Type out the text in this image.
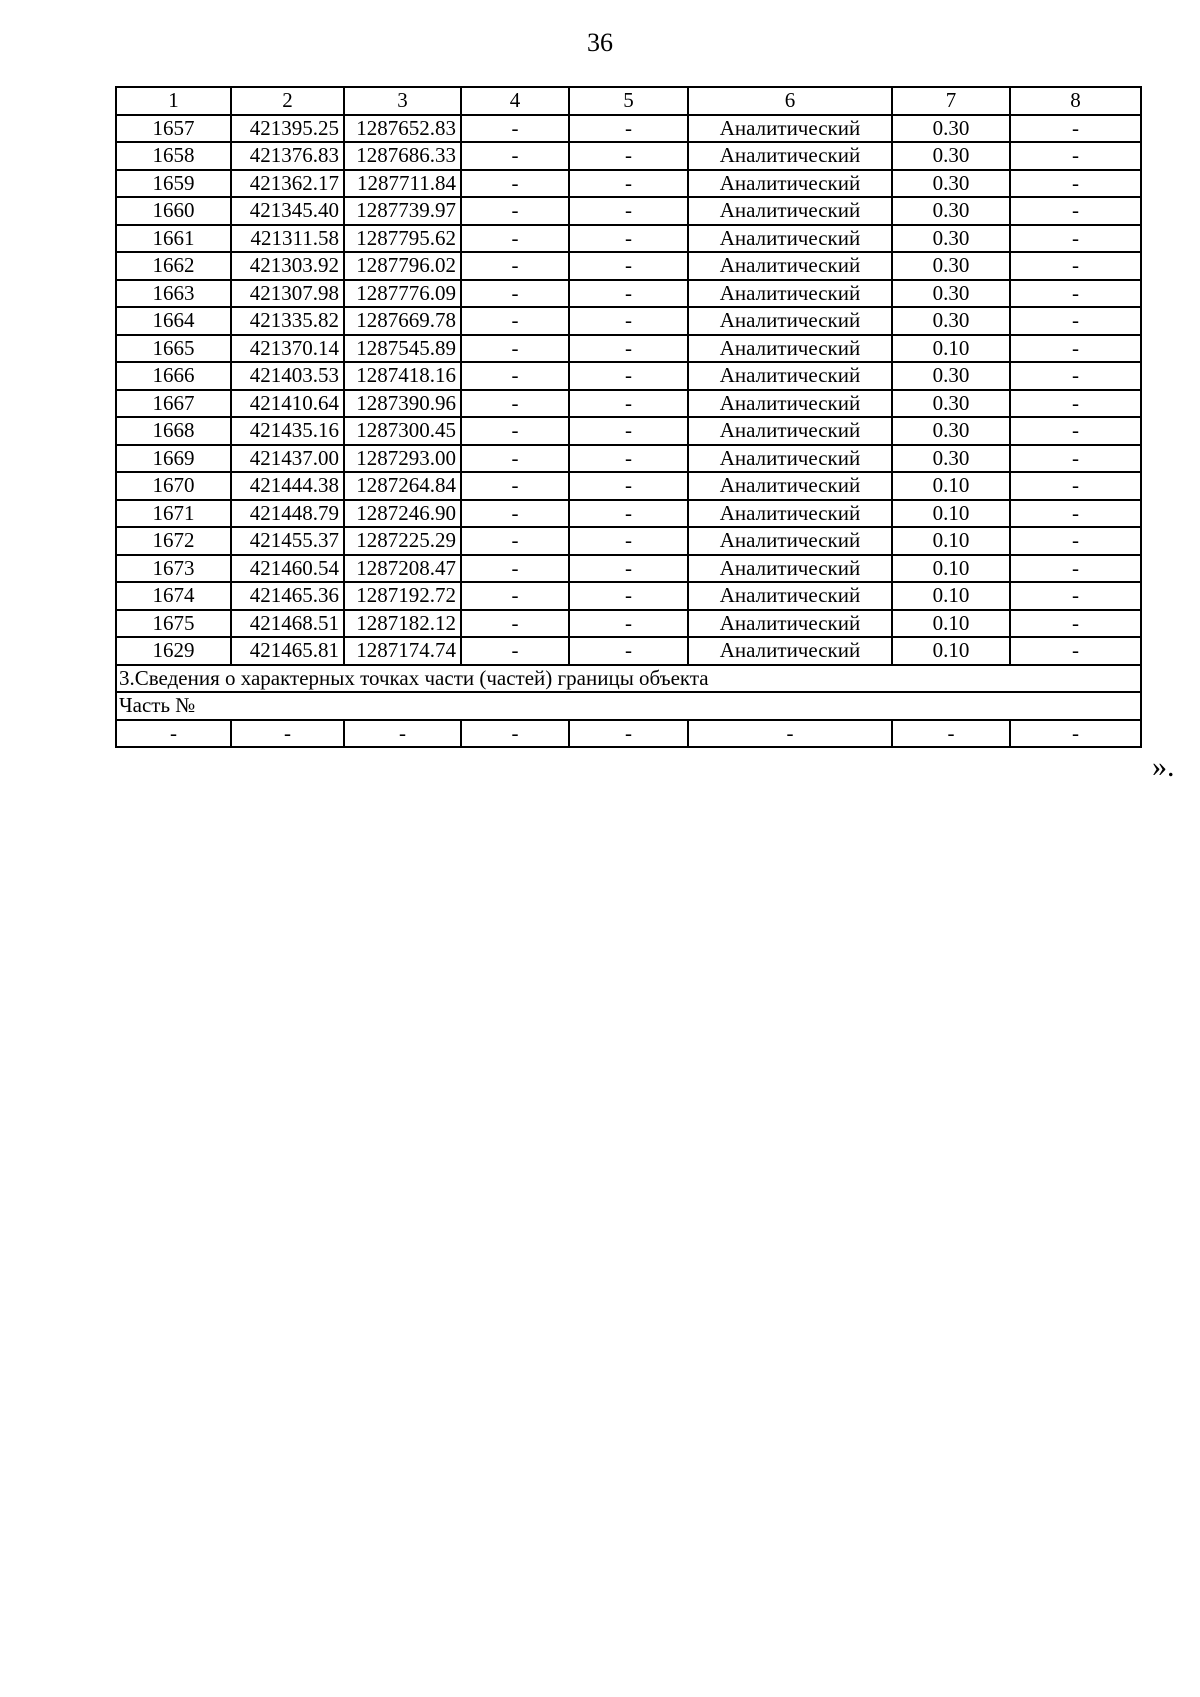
36
1	2	3	4	5	6	7	8
1657	421395.25	1287652.83	-	-	Аналитический	0.30	-
1658	421376.83	1287686.33	-	-	Аналитический	0.30	-
1659	421362.17	1287711.84	-	-	Аналитический	0.30	-
1660	421345.40	1287739.97	-	-	Аналитический	0.30	-
1661	421311.58	1287795.62	-	-	Аналитический	0.30	-
1662	421303.92	1287796.02	-	-	Аналитический	0.30	-
1663	421307.98	1287776.09	-	-	Аналитический	0.30	-
1664	421335.82	1287669.78	-	-	Аналитический	0.30	-
1665	421370.14	1287545.89	-	-	Аналитический	0.10	-
1666	421403.53	1287418.16	-	-	Аналитический	0.30	-
1667	421410.64	1287390.96	-	-	Аналитический	0.30	-
1668	421435.16	1287300.45	-	-	Аналитический	0.30	-
1669	421437.00	1287293.00	-	-	Аналитический	0.30	-
1670	421444.38	1287264.84	-	-	Аналитический	0.10	-
1671	421448.79	1287246.90	-	-	Аналитический	0.10	-
1672	421455.37	1287225.29	-	-	Аналитический	0.10	-
1673	421460.54	1287208.47	-	-	Аналитический	0.10	-
1674	421465.36	1287192.72	-	-	Аналитический	0.10	-
1675	421468.51	1287182.12	-	-	Аналитический	0.10	-
1629	421465.81	1287174.74	-	-	Аналитический	0.10	-
3.Сведения о характерных точках части (частей) границы объекта							
Часть №							
-	-	-	-	-	-	-	-
».
